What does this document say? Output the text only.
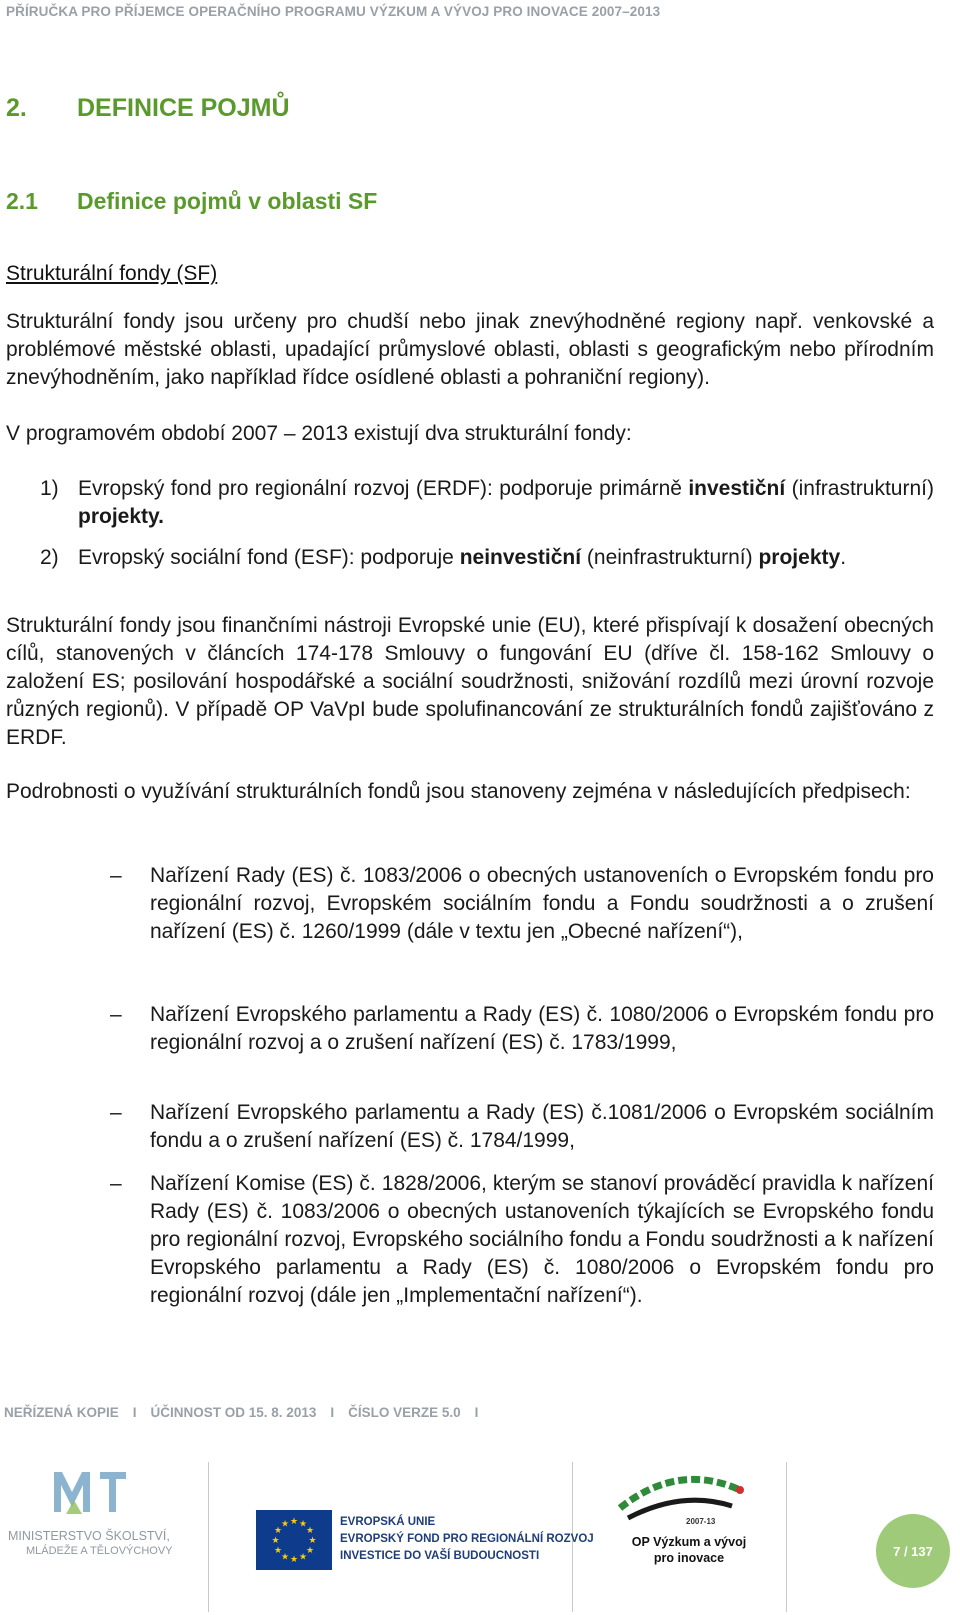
PŘÍRUČKA PRO PŘÍJEMCE OPERAČNÍHO PROGRAMU VÝZKUM A VÝVOJ PRO INOVACE 2007–2013
2. DEFINICE POJMŮ
2.1 Definice pojmů v oblasti SF
Strukturální fondy (SF)

Strukturální fondy jsou určeny pro chudší nebo jinak znevýhodněné regiony např. venkovské a problémové městské oblasti, upadající průmyslové oblasti, oblasti s geografickým nebo přírodním znevýhodněním, jako například řídce osídlené oblasti a pohraniční regiony).

V programovém období 2007 – 2013 existují dva strukturální fondy:

1) Evropský fond pro regionální rozvoj (ERDF): podporuje primárně investiční (infrastrukturní) projekty.
2) Evropský sociální fond (ESF): podporuje neinvestiční (neinfrastrukturní) projekty.

Strukturální fondy jsou finančními nástroji Evropské unie (EU), které přispívají k dosažení obecných cílů, stanovených v článcích 174-178 Smlouvy o fungování EU (dříve čl. 158-162 Smlouvy o založení ES; posilování hospodářské a sociální soudržnosti, snižování rozdílů mezi úrovní rozvoje různých regionů). V případě OP VaVpI bude spolufinancování ze strukturálních fondů zajišťováno z ERDF.

Podrobnosti o využívání strukturálních fondů jsou stanoveny zejména v následujících předpisech:

– Nařízení Rady (ES) č. 1083/2006 o obecných ustanoveních o Evropském fondu pro regionální rozvoj, Evropském sociálním fondu a Fondu soudržnosti a o zrušení nařízení (ES) č. 1260/1999 (dále v textu jen „Obecné nařízení“),
– Nařízení Evropského parlamentu a Rady (ES) č. 1080/2006 o Evropském fondu pro regionální rozvoj a o zrušení nařízení (ES) č. 1783/1999,
– Nařízení Evropského parlamentu a Rady (ES) č.1081/2006 o Evropském sociálním fondu a o zrušení nařízení (ES) č. 1784/1999,
– Nařízení Komise (ES) č. 1828/2006, kterým se stanoví prováděcí pravidla k nařízení Rady (ES) č. 1083/2006 o obecných ustanoveních týkajících se Evropského fondu pro regionální rozvoj, Evropského sociálního fondu a Fondu soudržnosti a k nařízení Evropského parlamentu a Rady (ES) č. 1080/2006 o Evropském fondu pro regionální rozvoj (dále jen „Implementační nařízení“).
NEŘÍZENÁ KOPIE I ÚČINNOST OD 15. 8. 2013 I ČÍSLO VERZE 5.0 I
MINISTERSTVO ŠKOLSTVÍ,
MLÁDEŽE A TĚLOVÝCHOVY
★ ★
★
★
★
★
★
★
★
★
★
★	EVROPSKÁ UNIE
EVROPSKÝ FOND PRO REGIONÁLNÍ ROZVOJ
INVESTICE DO VAŠÍ BUDOUCNOSTI
2007-13
OP Výzkum a vývoj
pro inovace	7 / 137
